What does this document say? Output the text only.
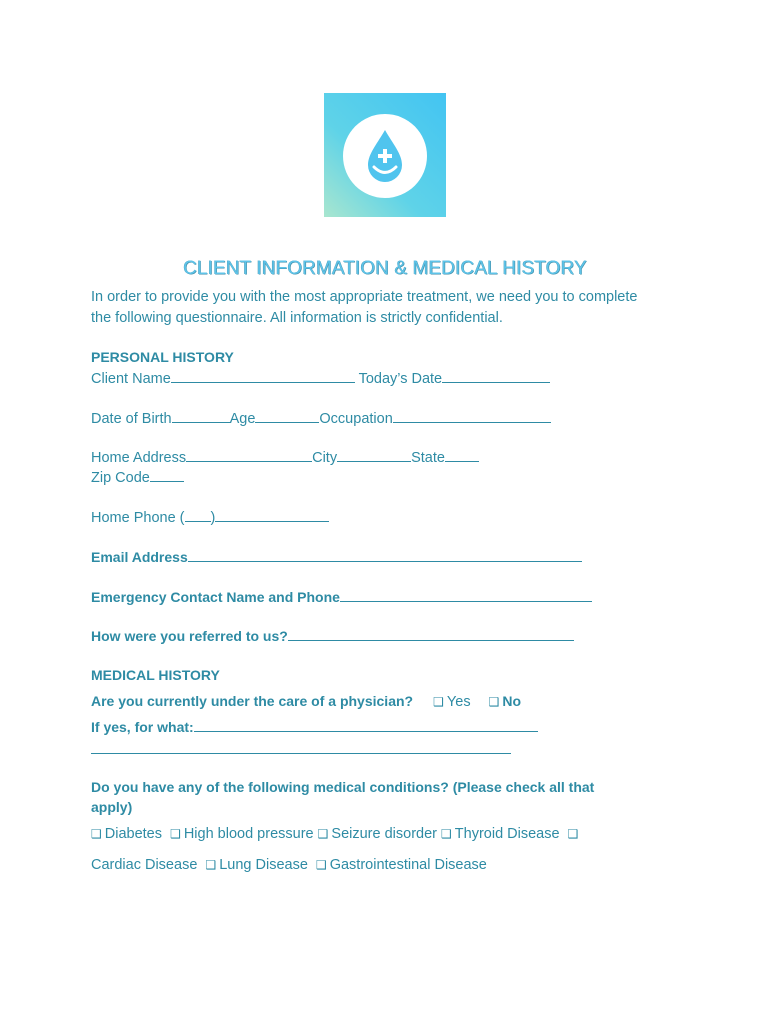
CLIENT INFORMATION & MEDICAL HISTORY
In order to provide you with the most appropriate treatment, we need you to complete
the following questionnaire. All information is strictly confidential.
PERSONAL HISTORY
Client Name	Today’s Date
Date of Birth	Age	Occupation
Home Address	City	State
Zip Code
Home Phone ( )
Email Address
Emergency Contact Name and Phone
How were you referred to us?
MEDICAL HISTORY
Are you currently under the care of a physician? ❑ Yes ❑ No
If yes, for what:
Do you have any of the following medical conditions? (Please check all that
apply)
❑ Diabetes ❑ High blood pressure ❑ Seizure disorder ❑ Thyroid Disease ❑
Cardiac Disease ❑ Lung Disease ❑ Gastrointestinal Disease
